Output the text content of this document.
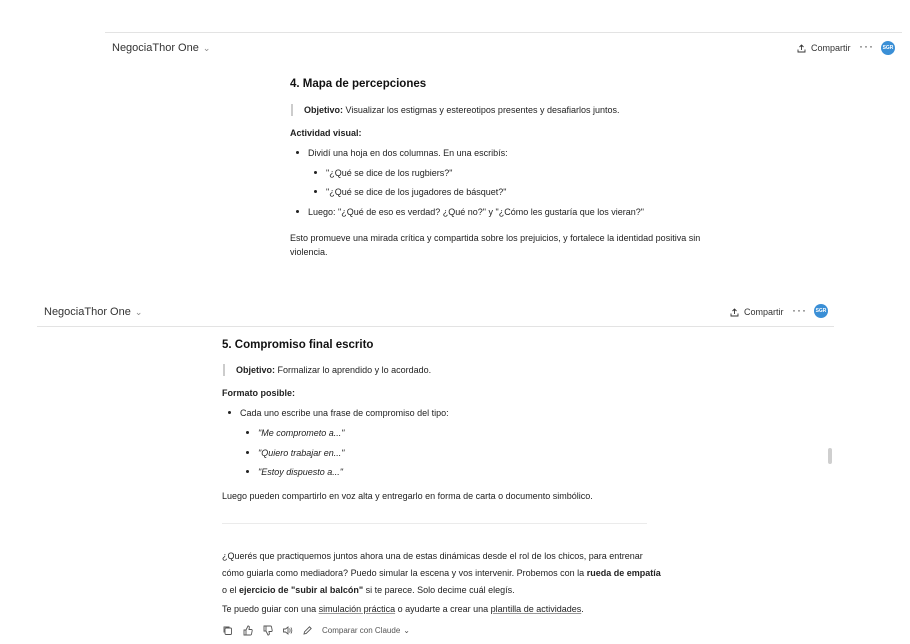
NegociaThor One ⌄	Compartir ···	SGR
4. Mapa de percepciones
Objetivo: Visualizar los estigmas y estereotipos presentes y desafiarlos juntos.
Actividad visual:
Dividí una hoja en dos columnas. En una escribís:
"¿Qué se dice de los rugbiers?"
"¿Qué se dice de los jugadores de básquet?"
Luego: "¿Qué de eso es verdad? ¿Qué no?" y "¿Cómo les gustaría que los vieran?"
Esto promueve una mirada crítica y compartida sobre los prejuicios, y fortalece la identidad positiva sin
violencia.
NegociaThor One ⌄	Compartir ···	SGR
5. Compromiso final escrito
Objetivo: Formalizar lo aprendido y lo acordado.
Formato posible:
Cada uno escribe una frase de compromiso del tipo:
"Me comprometo a..."
"Quiero trabajar en..."
"Estoy dispuesto a..."
Luego pueden compartirlo en voz alta y entregarlo en forma de carta o documento simbólico.
¿Querés que practiquemos juntos ahora una de estas dinámicas desde el rol de los chicos, para entrenar
cómo guiarla como mediadora? Puedo simular la escena y vos intervenir. Probemos con la rueda de empatía
o el ejercicio de "subir al balcón" si te parece. Solo decime cuál elegís.
Te puedo guiar con una simulación práctica o ayudarte a crear una plantilla de actividades.
Comparar con Claude ⌄
